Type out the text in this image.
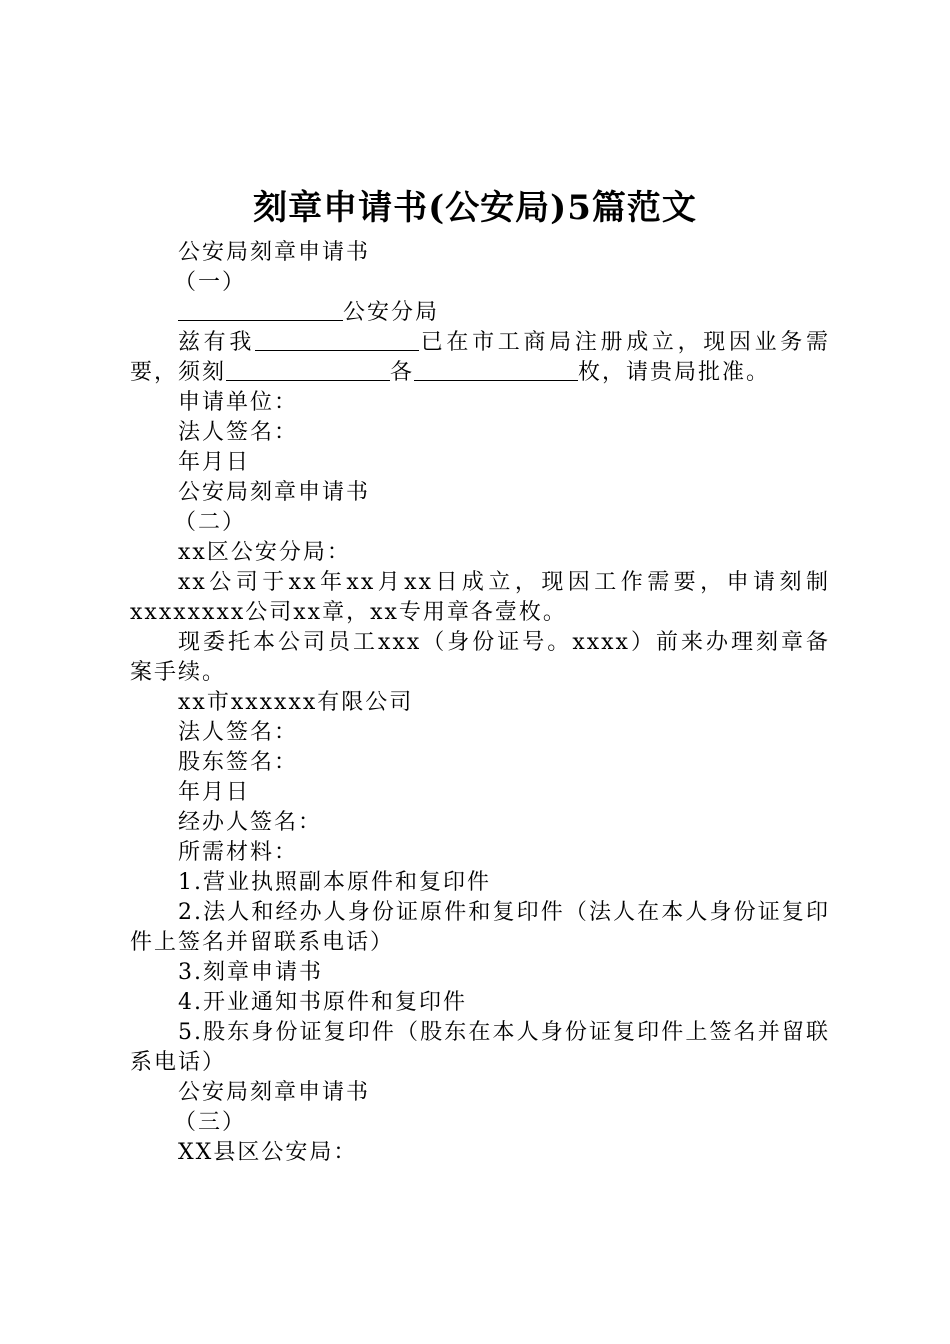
刻章申请书(公安局)5篇范文

公安局刻章申请书

（一）

公安分局

兹有我	已在市工商局注册成立，现因业务需要，须刻	各	枚，请贵局批准。

申请单位：

法人签名：

年月日

公安局刻章申请书

（二）

xx区公安分局：

xx公司于xx年xx月xx日成立，现因工作需要，申请刻制xxxxxxxx公司xx章，xx专用章各壹枚。

现委托本公司员工xxx（身份证号。xxxx）前来办理刻章备案手续。

xx市xxxxxx有限公司

法人签名：

股东签名：

年月日

经办人签名：

所需材料：

1.营业执照副本原件和复印件

2.法人和经办人身份证原件和复印件（法人在本人身份证复印件上签名并留联系电话）

3.刻章申请书

4.开业通知书原件和复印件

5.股东身份证复印件（股东在本人身份证复印件上签名并留联系电话）

公安局刻章申请书

（三）

XX县区公安局：
